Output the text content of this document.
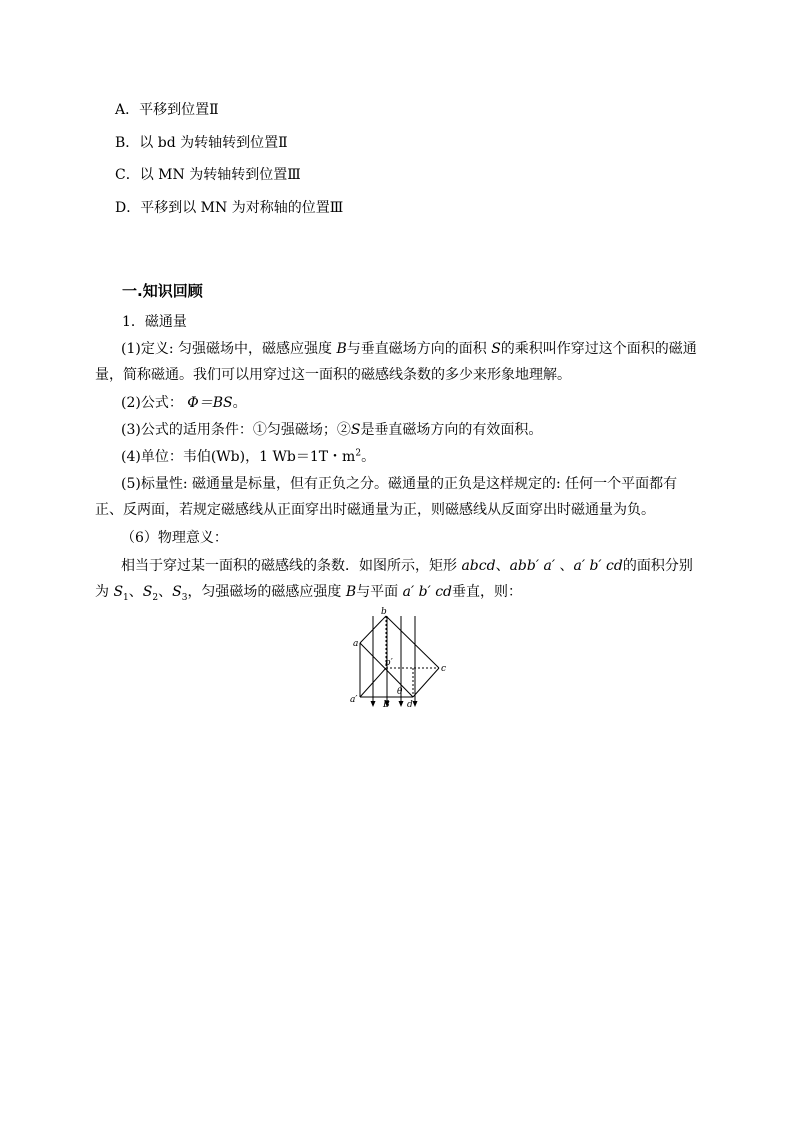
A．平移到位置Ⅱ
B．以 bd 为转轴转到位置Ⅱ
C．以 MN 为转轴转到位置Ⅲ
D．平移到以 MN 为对称轴的位置Ⅲ
一.知识回顾
1．磁通量
(1)定义: 匀强磁场中，磁感应强度 B与垂直磁场方向的面积 S的乘积叫作穿过这个面积的磁通量，简称磁通。我们可以用穿过这一面积的磁感线条数的多少来形象地理解。
(2)公式： Φ＝BS。
(3)公式的适用条件：①匀强磁场；②S是垂直磁场方向的有效面积。
(4)单位：韦伯(Wb)，1 Wb＝1T・$m^2$。
(5)标量性: 磁通量是标量，但有正负之分。磁通量的正负是这样规定的: 任何一个平面都有正、反两面，若规定磁感线从正面穿出时磁通量为正，则磁感线从反面穿出时磁通量为负。
（6）物理意义：
相当于穿过某一面积的磁感线的条数．如图所示，矩形 abcd、abb′ a′ 、a′ b′ cd的面积分别为 $S_1$、$S_2$、$S_3$，匀强磁场的磁感应强度 B与平面 a′ b′ cd垂直，则：
b
a
b′
c
a′	B d
θ
